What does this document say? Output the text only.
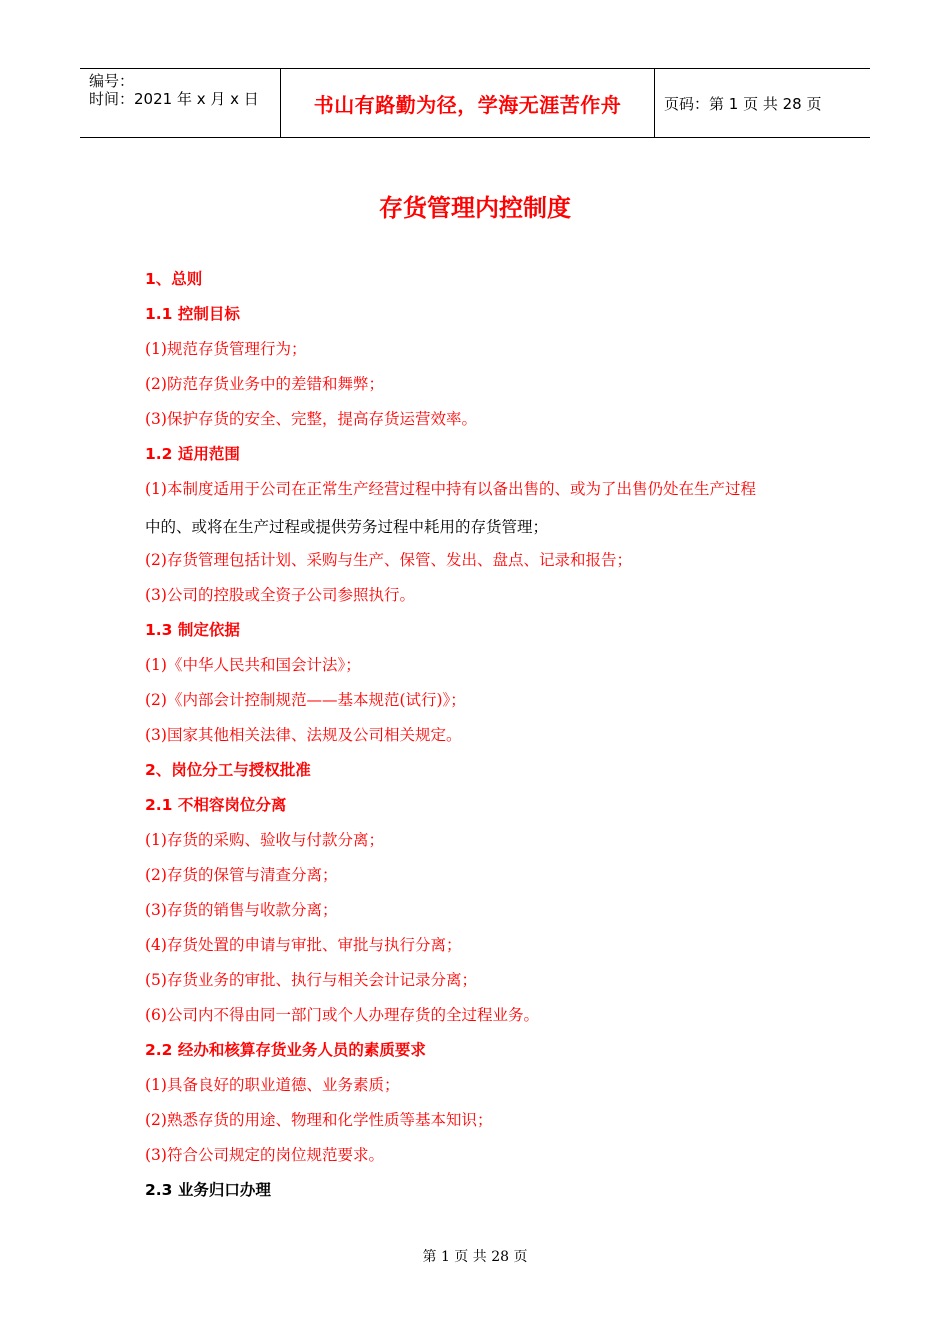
编号：
时间：2021 年 x 月 x 日	书山有路勤为径，学海无涯苦作舟	页码：第 1 页 共 28 页
存货管理内控制度
1、总则
1.1 控制目标
(1)规范存货管理行为；
(2)防范存货业务中的差错和舞弊；
(3)保护存货的安全、完整，提高存货运营效率。
1.2 适用范围
(1)本制度适用于公司在正常生产经营过程中持有以备出售的、或为了出售仍处在生产过程
中的、或将在生产过程或提供劳务过程中耗用的存货管理；
(2)存货管理包括计划、采购与生产、保管、发出、盘点、记录和报告；
(3)公司的控股或全资子公司参照执行。
1.3 制定依据
(1)《中华人民共和国会计法》；
(2)《内部会计控制规范——基本规范(试行)》；
(3)国家其他相关法律、法规及公司相关规定。
2、岗位分工与授权批准
2.1 不相容岗位分离
(1)存货的采购、验收与付款分离；
(2)存货的保管与清查分离；
(3)存货的销售与收款分离；
(4)存货处置的申请与审批、审批与执行分离；
(5)存货业务的审批、执行与相关会计记录分离；
(6)公司内不得由同一部门或个人办理存货的全过程业务。
2.2 经办和核算存货业务人员的素质要求
(1)具备良好的职业道德、业务素质；
(2)熟悉存货的用途、物理和化学性质等基本知识；
(3)符合公司规定的岗位规范要求。
2.3 业务归口办理
第 1 页 共 28 页
